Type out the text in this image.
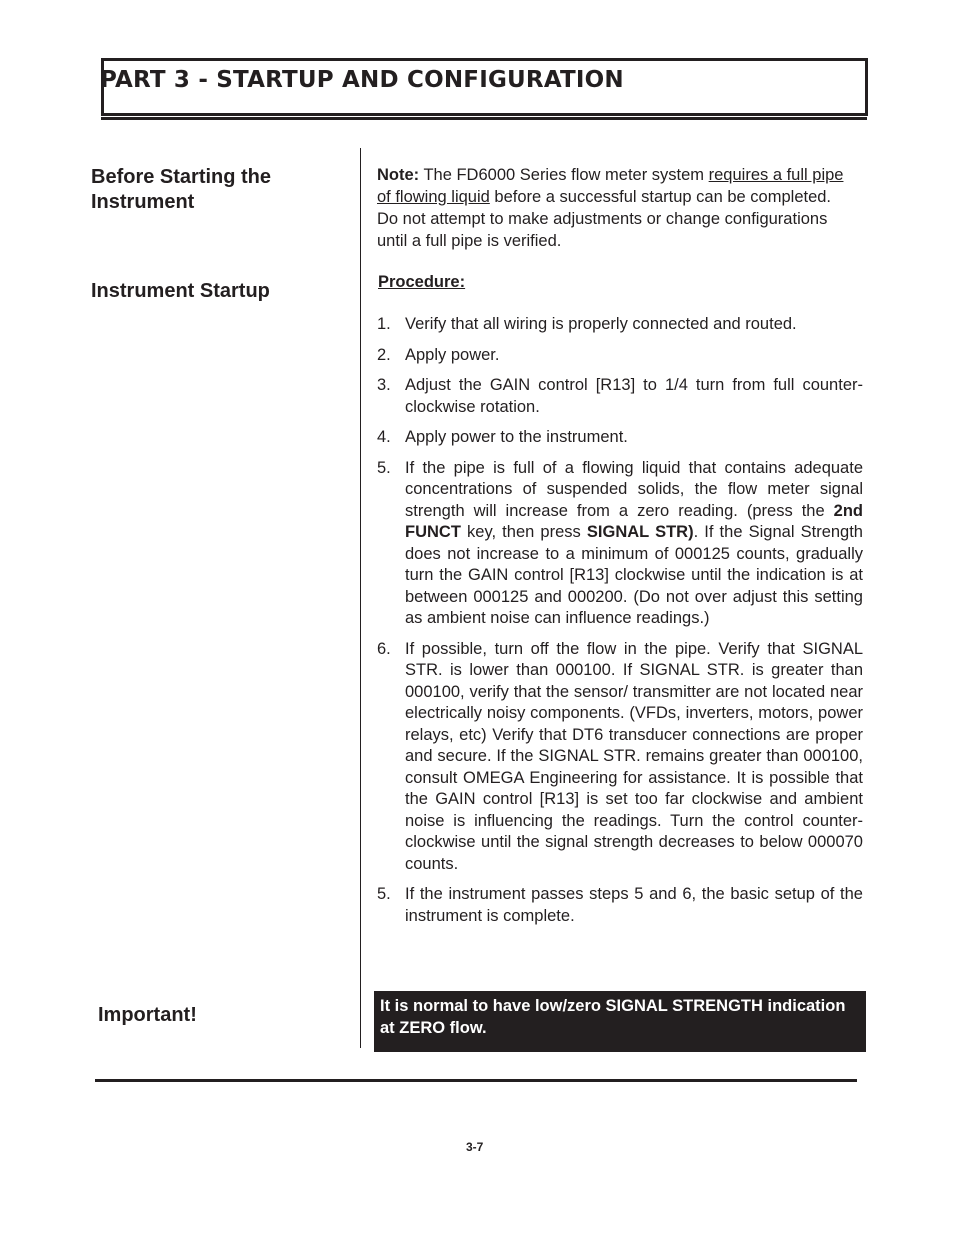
PART 3 - STARTUP AND CONFIGURATION
Before Starting the
Instrument
Instrument Startup
Important!
Note: The FD6000 Series flow meter system requires a full pipe of flowing liquid before a successful startup can be completed. Do not attempt to make adjustments or change configurations until a full pipe is verified.
Procedure:
1. Verify that all wiring is properly connected and routed.
2. Apply power.
3. Adjust the GAIN control [R13] to 1/4 turn from full counter-clockwise rotation.
4. Apply power to the instrument.
5. If the pipe is full of a flowing liquid that contains adequate concentrations of suspended solids, the flow meter signal strength will increase from a zero reading. (press the 2nd FUNCT key, then press SIGNAL STR). If the Signal Strength does not increase to a minimum of 000125 counts, gradually turn the GAIN control [R13] clockwise until the indication is at between 000125 and 000200. (Do not over adjust this setting as ambient noise can influence readings.)
6. If possible, turn off the flow in the pipe. Verify that SIGNAL STR. is lower than 000100. If SIGNAL STR. is greater than 000100, verify that the sensor/ transmitter are not located near electrically noisy components. (VFDs, inverters, motors, power relays, etc) Verify that DT6 transducer connections are proper and secure. If the SIGNAL STR. remains greater than 000100, consult OMEGA Engineering for assistance. It is possible that the GAIN control [R13] is set too far clockwise and ambient noise is influencing the readings. Turn the control counter-clockwise until the signal strength decreases to below 000070 counts.
5. If the instrument passes steps 5 and 6, the basic setup of the instrument is complete.
It is normal to have low/zero SIGNAL STRENGTH indication at ZERO flow.
3-7
